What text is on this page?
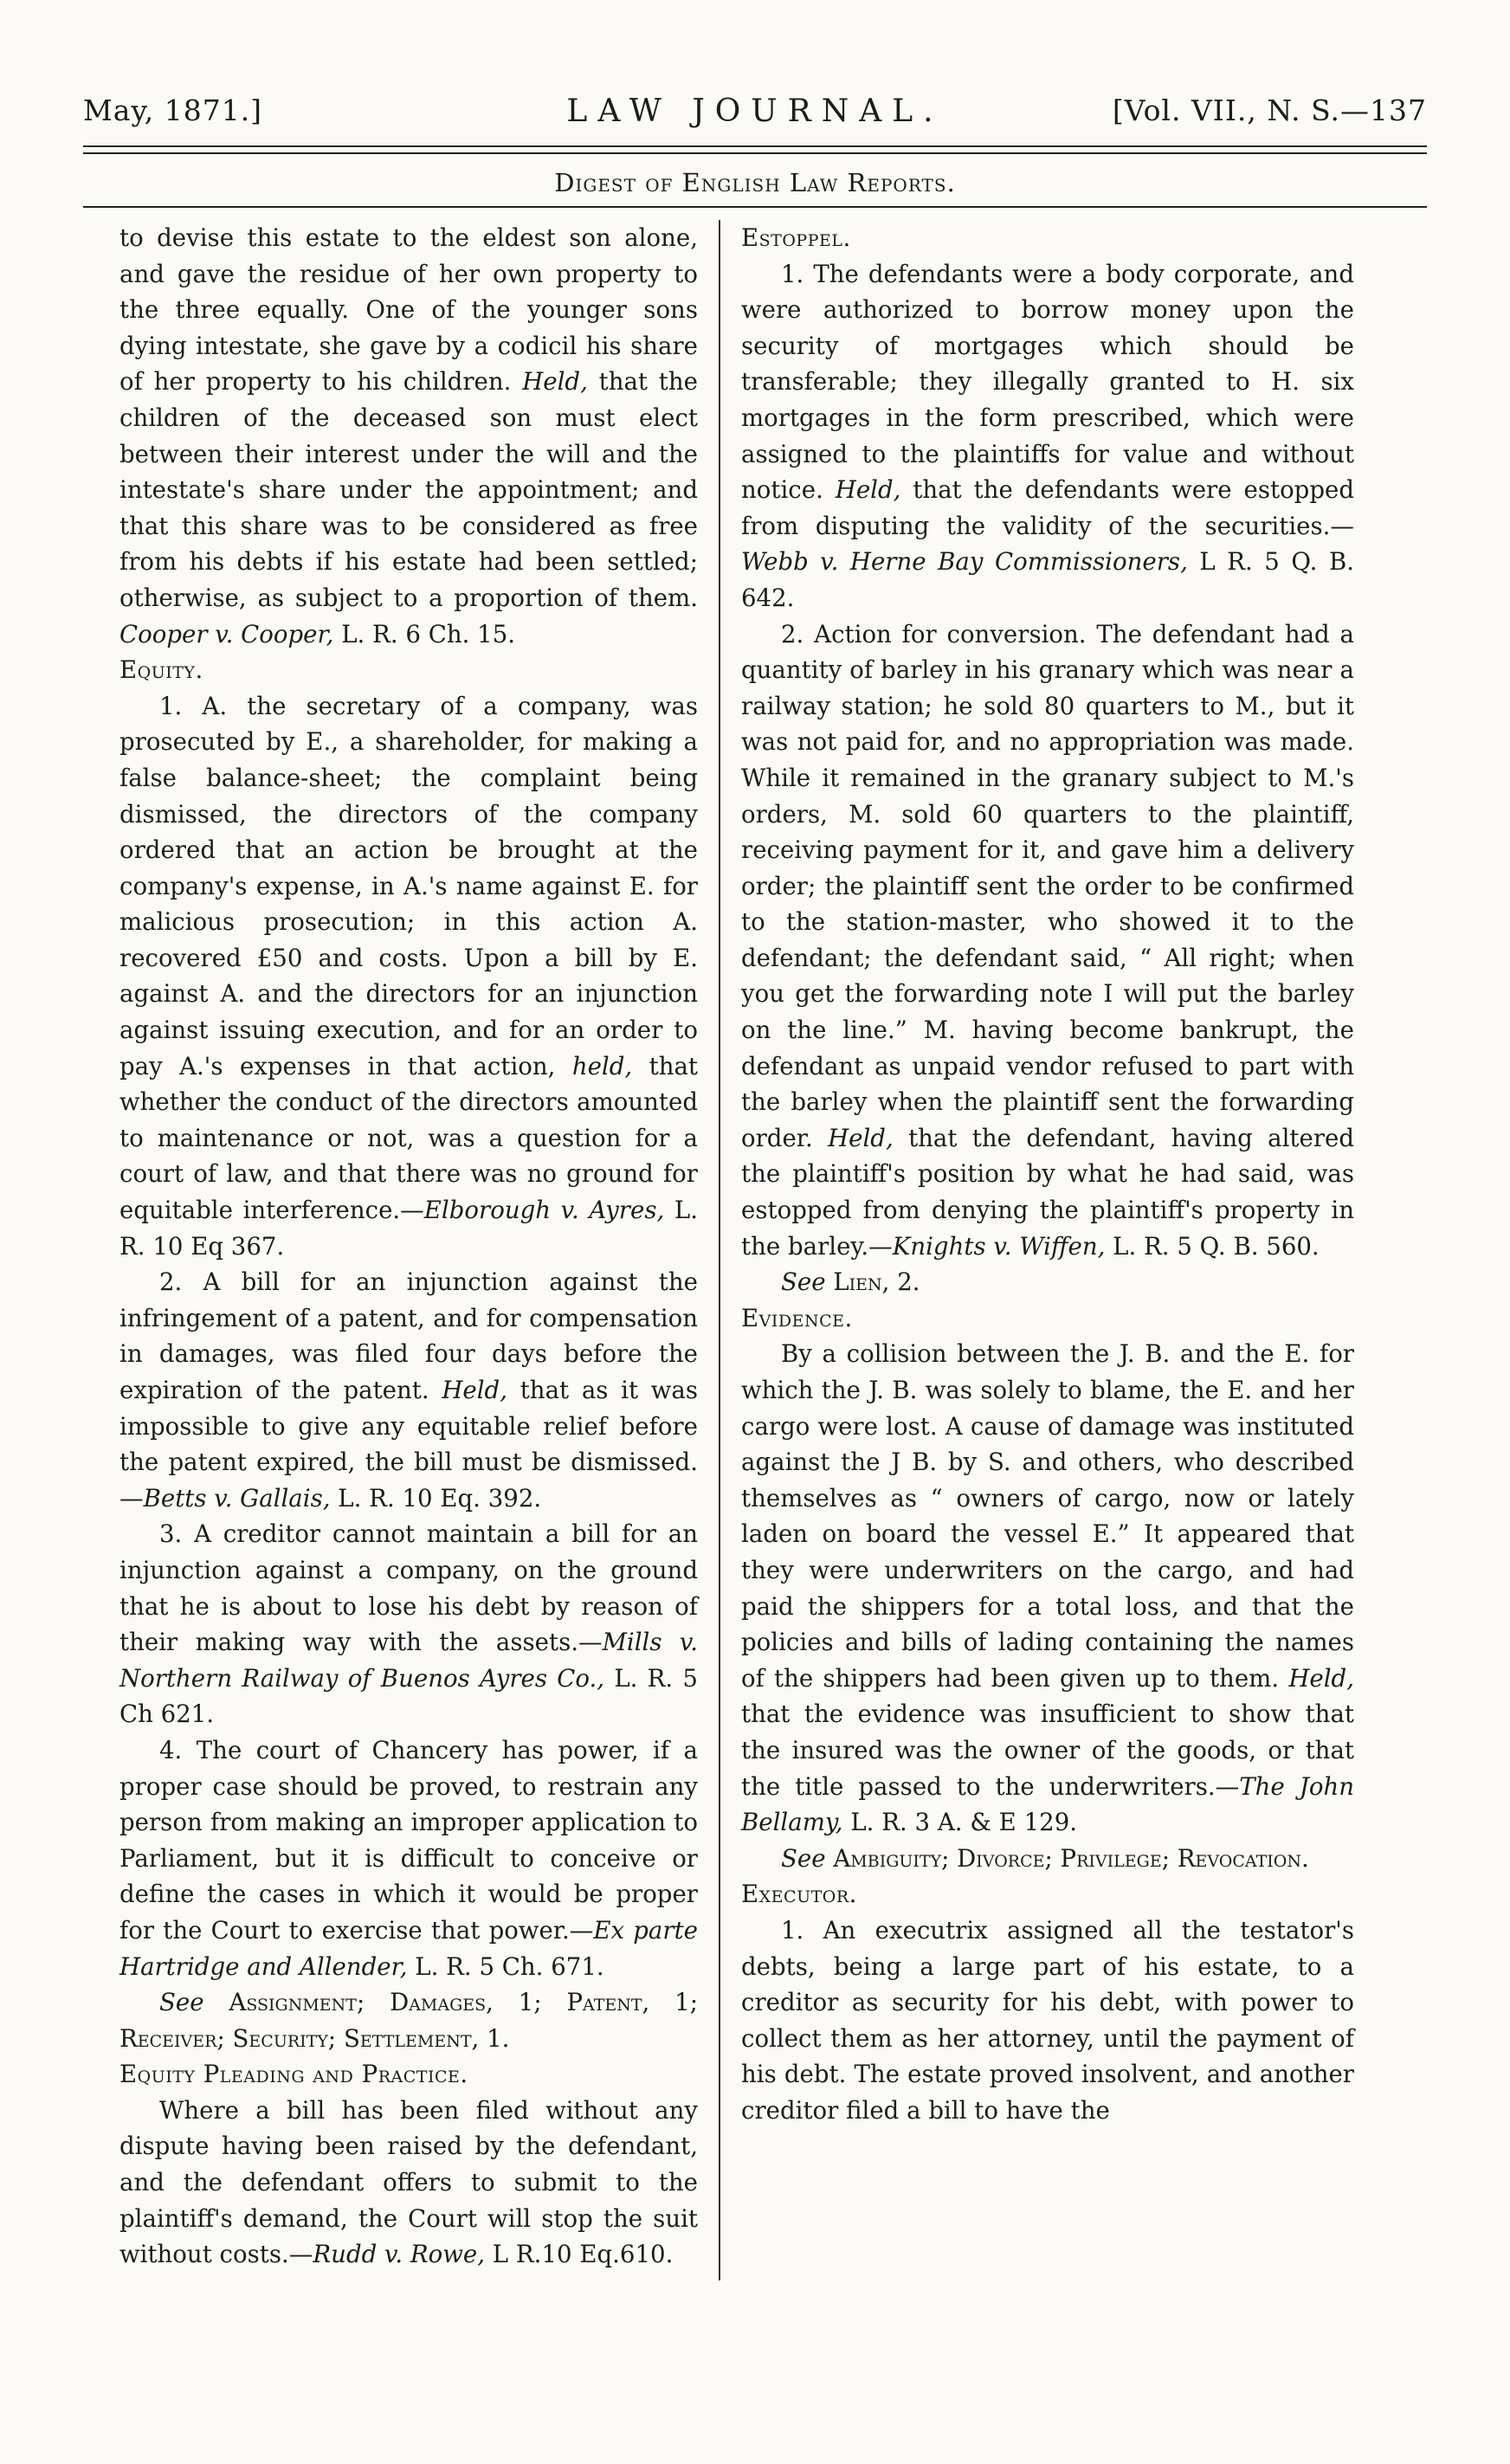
May, 1871.]	LAW JOURNAL.	[Vol. VII., N. S.—137
Digest of English Law Reports.

to devise this estate to the eldest son alone, and gave the residue of her own property to the three equally. One of the younger sons dying intestate, she gave by a codicil his share of her property to his children. Held, that the children of the deceased son must elect between their interest under the will and the intestate's share under the appointment; and that this share was to be considered as free from his debts if his estate had been settled; otherwise, as subject to a proportion of them. Cooper v. Cooper, L. R. 6 Ch. 15.

Equity.

1. A. the secretary of a company, was prosecuted by E., a shareholder, for making a false balance-sheet; the complaint being dismissed, the directors of the company ordered that an action be brought at the company's expense, in A.'s name against E. for malicious prosecution; in this action A. recovered £50 and costs. Upon a bill by E. against A. and the directors for an injunction against issuing execution, and for an order to pay A.'s expenses in that action, held, that whether the conduct of the directors amounted to maintenance or not, was a question for a court of law, and that there was no ground for equitable interference.—Elborough v. Ayres, L. R. 10 Eq 367.

2. A bill for an injunction against the infringement of a patent, and for compensation in damages, was filed four days before the expiration of the patent. Held, that as it was impossible to give any equitable relief before the patent expired, the bill must be dismissed. —Betts v. Gallais, L. R. 10 Eq. 392.

3. A creditor cannot maintain a bill for an injunction against a company, on the ground that he is about to lose his debt by reason of their making way with the assets.—Mills v. Northern Railway of Buenos Ayres Co., L. R. 5 Ch 621.

4. The court of Chancery has power, if a proper case should be proved, to restrain any person from making an improper application to Parliament, but it is difficult to conceive or define the cases in which it would be proper for the Court to exercise that power.—Ex parte Hartridge and Allender, L. R. 5 Ch. 671.

See Assignment; Damages, 1; Patent, 1; Receiver; Security; Settlement, 1.

Equity Pleading and Practice.

Where a bill has been filed without any dispute having been raised by the defendant, and the defendant offers to submit to the plaintiff's demand, the Court will stop the suit without costs.—Rudd v. Rowe, L R.10 Eq.610.

Estoppel.

1. The defendants were a body corporate, and were authorized to borrow money upon the security of mortgages which should be transferable; they illegally granted to H. six mortgages in the form prescribed, which were assigned to the plaintiffs for value and without notice. Held, that the defendants were estopped from disputing the validity of the securities.—Webb v. Herne Bay Commissioners, L R. 5 Q. B. 642.

2. Action for conversion. The defendant had a quantity of barley in his granary which was near a railway station; he sold 80 quarters to M., but it was not paid for, and no appropriation was made. While it remained in the granary subject to M.'s orders, M. sold 60 quarters to the plaintiff, receiving payment for it, and gave him a delivery order; the plaintiff sent the order to be confirmed to the station-master, who showed it to the defendant; the defendant said, “ All right; when you get the forwarding note I will put the barley on the line.” M. having become bankrupt, the defendant as unpaid vendor refused to part with the barley when the plaintiff sent the forwarding order. Held, that the defendant, having altered the plaintiff's position by what he had said, was estopped from denying the plaintiff's property in the barley.—Knights v. Wiffen, L. R. 5 Q. B. 560.

See Lien, 2.

Evidence.

By a collision between the J. B. and the E. for which the J. B. was solely to blame, the E. and her cargo were lost. A cause of damage was instituted against the J B. by S. and others, who described themselves as “ owners of cargo, now or lately laden on board the vessel E.” It appeared that they were underwriters on the cargo, and had paid the shippers for a total loss, and that the policies and bills of lading containing the names of the shippers had been given up to them. Held, that the evidence was insufficient to show that the insured was the owner of the goods, or that the title passed to the underwriters.—The John Bellamy, L. R. 3 A. & E 129.

See Ambiguity; Divorce; Privilege; Revocation.

Executor.

1. An executrix assigned all the testator's debts, being a large part of his estate, to a creditor as security for his debt, with power to collect them as her attorney, until the payment of his debt. The estate proved insolvent, and another creditor filed a bill to have the
